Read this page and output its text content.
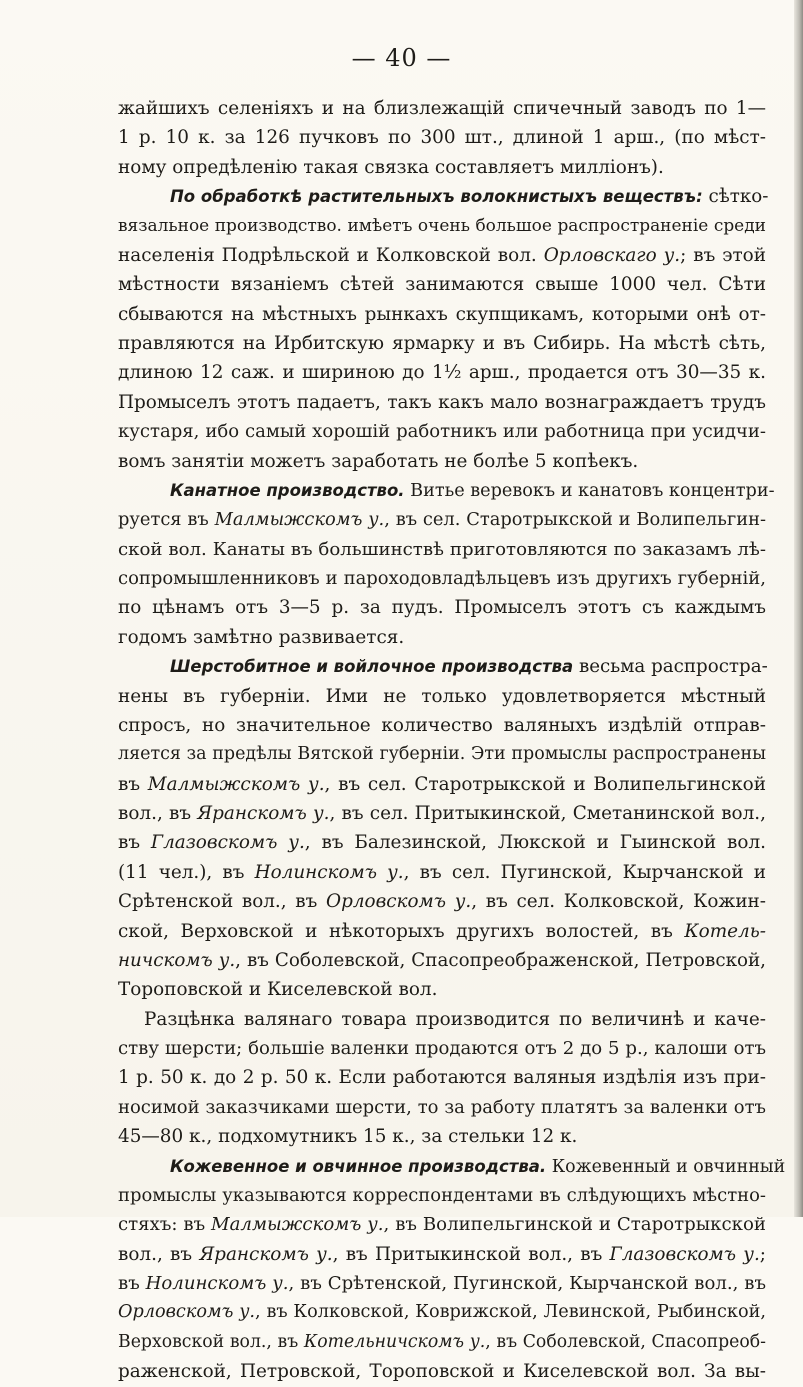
— 40 —
жайшихъ селеніяхъ и на близлежащій спичечный заводъ по 1—
1 р. 10 к. за 126 пучковъ по 300 шт., длиной 1 арш., (по мѣст-
ному опредѣленію такая связка составляетъ милліонъ).
По обработкѣ растительныхъ волокнистыхъ веществъ: сѣтко-
вязальное производство. имѣетъ очень большое распространеніе среди
населенія Подрѣльской и Колковской вол. Орловскаго у.; въ этой
мѣстности вязаніемъ сѣтей занимаются свыше 1000 чел. Сѣти
сбываются на мѣстныхъ рынкахъ скупщикамъ, которыми онѣ от-
правляются на Ирбитскую ярмарку и въ Сибирь. На мѣстѣ сѣть,
длиною 12 саж. и шириною до 1½ арш., продается отъ 30—35 к.
Промыселъ этотъ падаетъ, такъ какъ мало вознаграждаетъ трудъ
кустаря, ибо самый хорошій работникъ или работница при усидчи-
вомъ занятіи можетъ заработать не болѣе 5 копѣекъ.
Канатное производство. Витье веревокъ и канатовъ концентри-
руется въ Малмыжскомъ у., въ сел. Старотрыкской и Волипельгин-
ской вол. Канаты въ большинствѣ приготовляются по заказамъ лѣ-
сопромышленниковъ и пароходовладѣльцевъ изъ другихъ губерній,
по цѣнамъ отъ 3—5 р. за пудъ. Промыселъ этотъ съ каждымъ
годомъ замѣтно развивается.
Шерстобитное и войлочное производства весьма распростра-
нены въ губерніи. Ими не только удовлетворяется мѣстный
спросъ, но значительное количество валяныхъ издѣлій отправ-
ляется за предѣлы Вятской губерніи. Эти промыслы распространены
въ Малмыжскомъ у., въ сел. Старотрыкской и Волипельгинской
вол., въ Яранскомъ у., въ сел. Притыкинской, Сметанинской вол.,
въ Глазовскомъ у., въ Балезинской, Люкской и Гыинской вол.
(11 чел.), въ Нолинскомъ у., въ сел. Пугинской, Кырчанской и
Срѣтенской вол., въ Орловскомъ у., въ сел. Колковской, Кожин-
ской, Верховской и нѣкоторыхъ другихъ волостей, въ Котель-
ничскомъ у., въ Соболевской, Спасопреображенской, Петровской,
Тороповской и Киселевской вол.
Разцѣнка валянаго товара производится по величинѣ и каче-
ству шерсти; большіе валенки продаются отъ 2 до 5 р., калоши отъ
1 р. 50 к. до 2 р. 50 к. Если работаются валяныя издѣлія изъ при-
носимой заказчиками шерсти, то за работу платятъ за валенки отъ
45—80 к., подхомутникъ 15 к., за стельки 12 к.
Кожевенное и овчинное производства. Кожевенный и овчинный
промыслы указываются корреспондентами въ слѣдующихъ мѣстно-
стяхъ: въ Малмыжскомъ у., въ Волипельгинской и Старотрыкской
вол., въ Яранскомъ у., въ Притыкинской вол., въ Глазовскомъ у.;
въ Нолинскомъ у., въ Срѣтенской, Пугинской, Кырчанской вол., въ
Орловскомъ у., въ Колковской, Коврижской, Левинской, Рыбинской,
Верховской вол., въ Котельничскомъ у., въ Соболевской, Спасопреоб-
раженской, Петровской, Тороповской и Киселевской вол. За вы-
